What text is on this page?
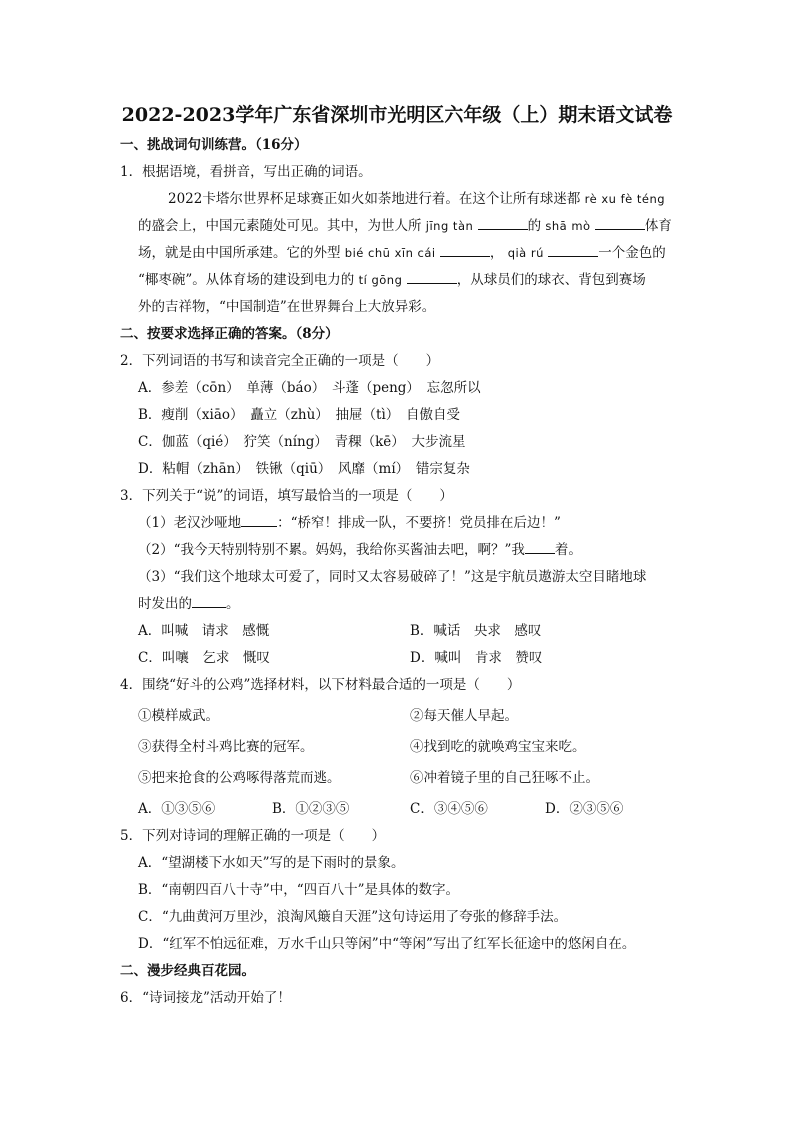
2022-2023学年广东省深圳市光明区六年级（上）期末语文试卷
一、挑战词句训练营。（16分）
1．根据语境，看拼音，写出正确的词语。
2022卡塔尔世界杯足球赛正如火如荼地进行着。在这个让所有球迷都 rè xu fè téng
的盛会上，中国元素随处可见。其中，为世人所 jīng tàn	的 shā mò	体育
场，就是由中国所承建。它的外型 bié chū xīn cái	， qià rú	一个金色的
“椰枣碗”。从体育场的建设到电力的 tí gōng	，从球员们的球衣、背包到赛场
外的吉祥物，“中国制造”在世界舞台上大放异彩。
二、按要求选择正确的答案。（8分）
2．下列词语的书写和读音完全正确的一项是（　　）
A．参差（cōn）　单薄（báo）　斗蓬（peng）　忘忽所以
B．瘦削（xiāo）　矗立（zhù）　抽屉（tì）　自傲自受
C．伽蓝（qié）　狞笑（níng）　青稞（kē）　大步流星
D．粘帽（zhān）　铁锹（qiū）　风靡（mí）　错宗复杂
3．下列关于“说”的词语，填写最恰当的一项是（　　）
（1）老汉沙哑地	：“桥窄！排成一队，不要挤！党员排在后边！”
（2）“我今天特别特别不累。妈妈，我给你买酱油去吧，啊？”我 着。
（3）“我们这个地球太可爱了，同时又太容易破碎了！”这是宇航员遨游太空目睹地球
时发出的	。
A．叫喊　请求　感慨	B．喊话　央求　感叹
C．叫嚷　乞求　慨叹	D．喊叫　肯求　赞叹
4．围绕“好斗的公鸡”选择材料，以下材料最合适的一项是（　　）
①模样威武。	②每天催人早起。
③获得全村斗鸡比赛的冠军。	④找到吃的就唤鸡宝宝来吃。
⑤把来抢食的公鸡啄得落荒而逃。	⑥冲着镜子里的自己狂啄不止。
A．①③⑤⑥	B．①②③⑤	C．③④⑤⑥	D．②③⑤⑥
5．下列对诗词的理解正确的一项是（　　）
A．“望湖楼下水如天”写的是下雨时的景象。
B．“南朝四百八十寺”中，“四百八十”是具体的数字。
C．“九曲黄河万里沙，浪淘风簸自天涯”这句诗运用了夸张的修辞手法。
D．“红军不怕远征难，万水千山只等闲”中“等闲”写出了红军长征途中的悠闲自在。
二、漫步经典百花园。
6．“诗词接龙”活动开始了！
